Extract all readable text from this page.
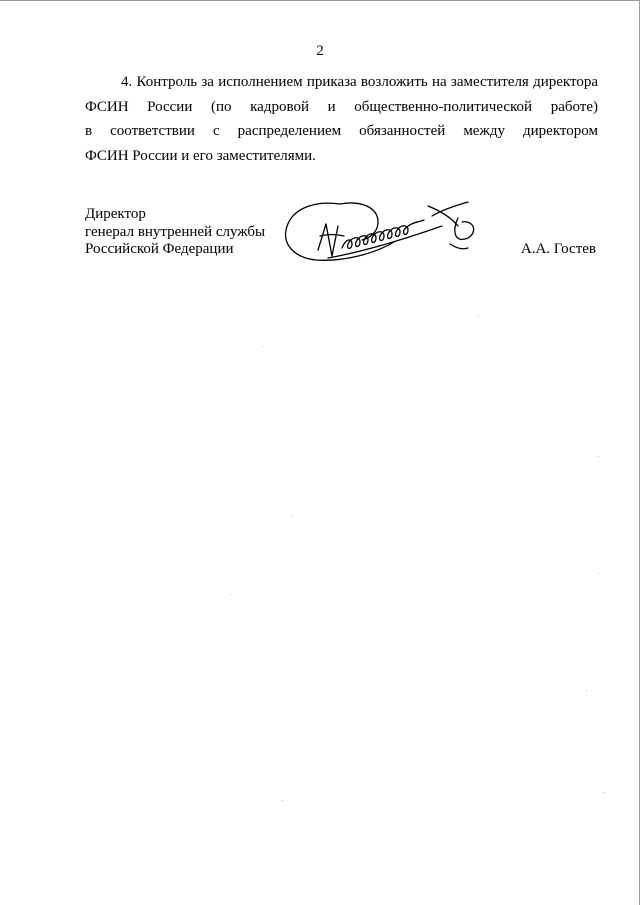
2
4. Контроль за исполнением приказа возложить на заместителя директора
ФСИН России (по кадровой и общественно-политической работе)
в соответствии с распределением обязанностей между директором
ФСИН России и его заместителями.
Директор
генерал внутренней службы
Российской Федерации	А.А. Гостев
